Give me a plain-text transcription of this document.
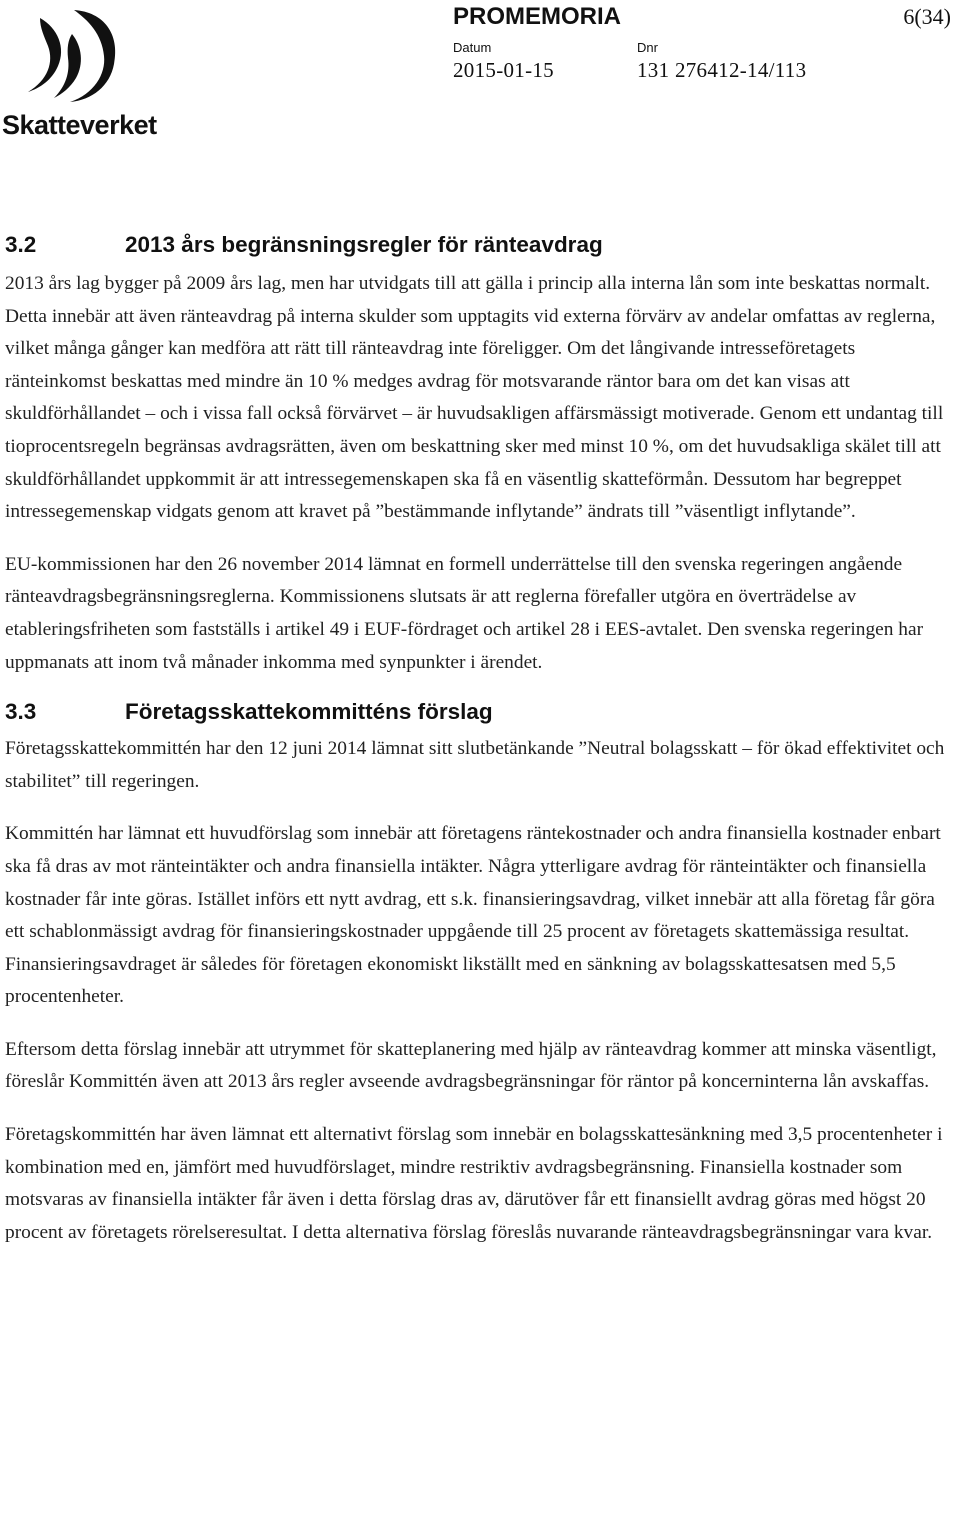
Skatteverket
PROMEMORIA	6(34)
Datum
2015-01-15
Dnr
131 276412-14/113
3.2	2013 års begränsningsregler för ränteavdrag

2013 års lag bygger på 2009 års lag, men har utvidgats till att gälla i princip alla interna lån som inte beskattas normalt. Detta innebär att även ränteavdrag på interna skulder som upptagits vid externa förvärv av andelar omfattas av reglerna, vilket många gånger kan medföra att rätt till ränteavdrag inte föreligger. Om det långivande intresseföretagets ränteinkomst beskattas med mindre än 10 % medges avdrag för motsvarande räntor bara om det kan visas att skuldförhållandet – och i vissa fall också förvärvet – är huvudsakligen affärsmässigt motiverade. Genom ett undantag till tioprocentsregeln begränsas avdragsrätten, även om beskattning sker med minst 10 %, om det huvudsakliga skälet till att skuldförhållandet uppkommit är att intressegemenskapen ska få en väsentlig skatteförmån. Dessutom har begreppet intressegemenskap vidgats genom att kravet på ”bestämmande inflytande” ändrats till ”väsentligt inflytande”.

EU-kommissionen har den 26 november 2014 lämnat en formell underrättelse till den svenska regeringen angående ränteavdragsbegränsningsreglerna. Kommissionens slutsats är att reglerna förefaller utgöra en överträdelse av etableringsfriheten som fastställs i artikel 49 i EUF-fördraget och artikel 28 i EES-avtalet. Den svenska regeringen har uppmanats att inom två månader inkomma med synpunkter i ärendet.

3.3	Företagsskattekommitténs förslag

Företagsskattekommittén har den 12 juni 2014 lämnat sitt slutbetänkande ”Neutral bolagsskatt – för ökad effektivitet och stabilitet” till regeringen.

Kommittén har lämnat ett huvudförslag som innebär att företagens räntekostnader och andra finansiella kostnader enbart ska få dras av mot ränteintäkter och andra finansiella intäkter. Några ytterligare avdrag för ränteintäkter och finansiella kostnader får inte göras. Istället införs ett nytt avdrag, ett s.k. finansieringsavdrag, vilket innebär att alla företag får göra ett schablonmässigt avdrag för finansieringskostnader uppgående till 25 procent av företagets skattemässiga resultat. Finansieringsavdraget är således för företagen ekonomiskt likställt med en sänkning av bolagsskattesatsen med 5,5 procentenheter.

Eftersom detta förslag innebär att utrymmet för skatteplanering med hjälp av ränteavdrag kommer att minska väsentligt, föreslår Kommittén även att 2013 års regler avseende avdragsbegränsningar för räntor på koncerninterna lån avskaffas.

Företagskommittén har även lämnat ett alternativt förslag som innebär en bolagsskattesänkning med 3,5 procentenheter i kombination med en, jämfört med huvudförslaget, mindre restriktiv avdragsbegränsning. Finansiella kostnader som motsvaras av finansiella intäkter får även i detta förslag dras av, därutöver får ett finansiellt avdrag göras med högst 20 procent av företagets rörelseresultat. I detta alternativa förslag föreslås nuvarande ränteavdragsbegränsningar vara kvar.
